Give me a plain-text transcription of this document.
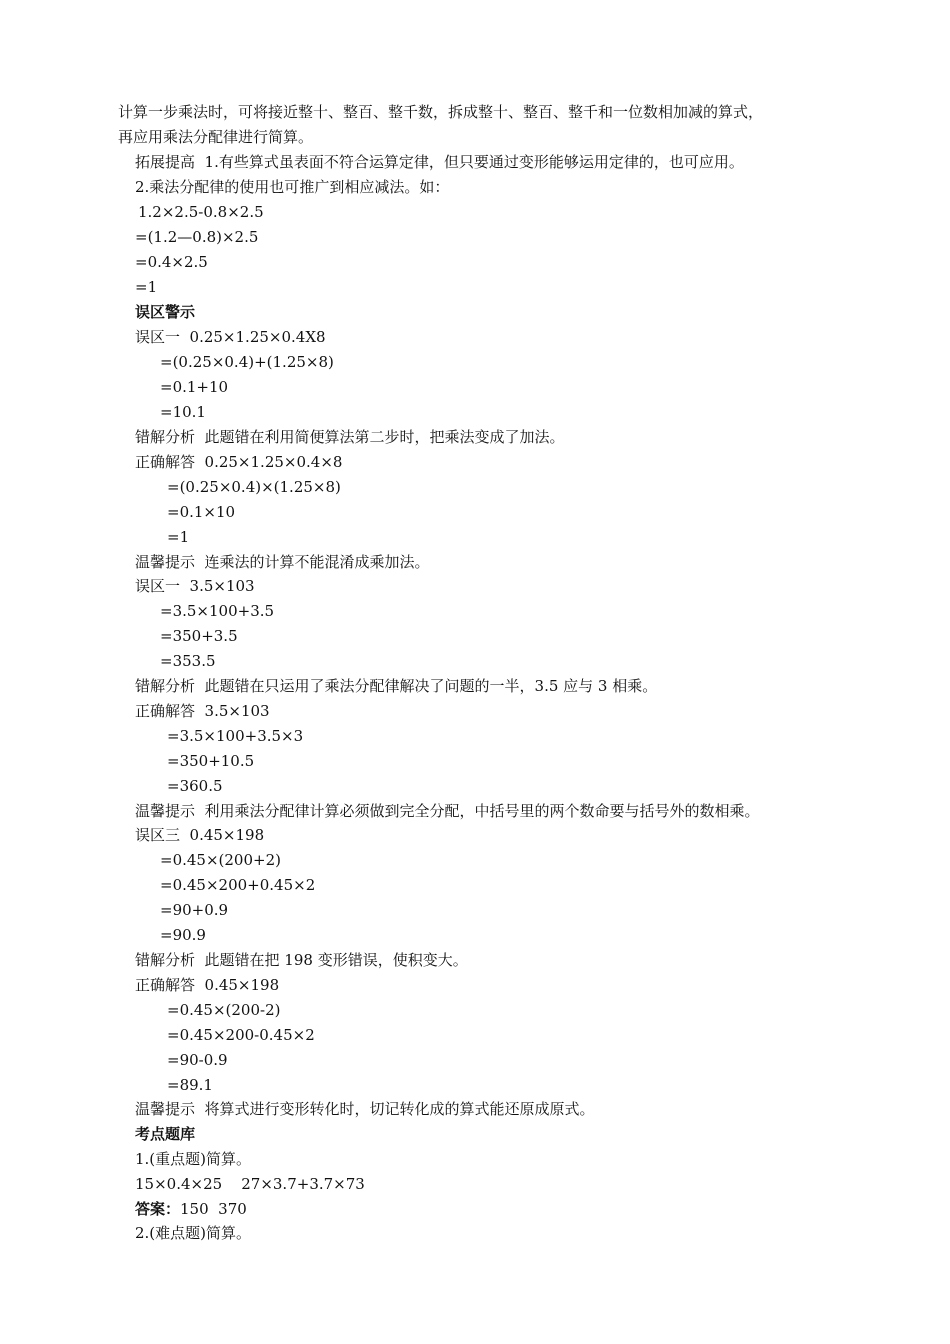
计算一步乘法时，可将接近整十、整百、整千数，拆成整十、整百、整千和一位数相加减的算式，
再应用乘法分配律进行简算。
拓展提高  1.有些算式虽表面不符合运算定律，但只要通过变形能够运用定律的，也可应用。
2.乘法分配律的使用也可推广到相应减法。如：
1.2×2.5-0.8×2.5
=(1.2—0.8)×2.5
=0.4×2.5
=1
误区警示
误区一  0.25×1.25×0.4X8
=(0.25×0.4)+(1.25×8)
=0.1+10
=10.1
错解分析  此题错在利用简便算法第二步时，把乘法变成了加法。
正确解答  0.25×1.25×0.4×8
=(0.25×0.4)×(1.25×8)
=0.1×10
=1
温馨提示  连乘法的计算不能混淆成乘加法。
误区一  3.5×103
=3.5×100+3.5
=350+3.5
=353.5
错解分析  此题错在只运用了乘法分配律解决了问题的一半，3.5 应与 3 相乘。
正确解答  3.5×103
=3.5×100+3.5×3
=350+10.5
=360.5
温馨提示  利用乘法分配律计算必须做到完全分配，中括号里的两个数命要与括号外的数相乘。
误区三  0.45×198
=0.45×(200+2)
=0.45×200+0.45×2
=90+0.9
=90.9
错解分析  此题错在把 198 变形错误，使积变大。
正确解答  0.45×198
=0.45×(200-2)
=0.45×200-0.45×2
=90-0.9
=89.1
温馨提示  将算式进行变形转化时，切记转化成的算式能还原成原式。
考点题库
1.(重点题)简算。
15×0.4×25    27×3.7+3.7×73
答案：150  370
2.(难点题)简算。
